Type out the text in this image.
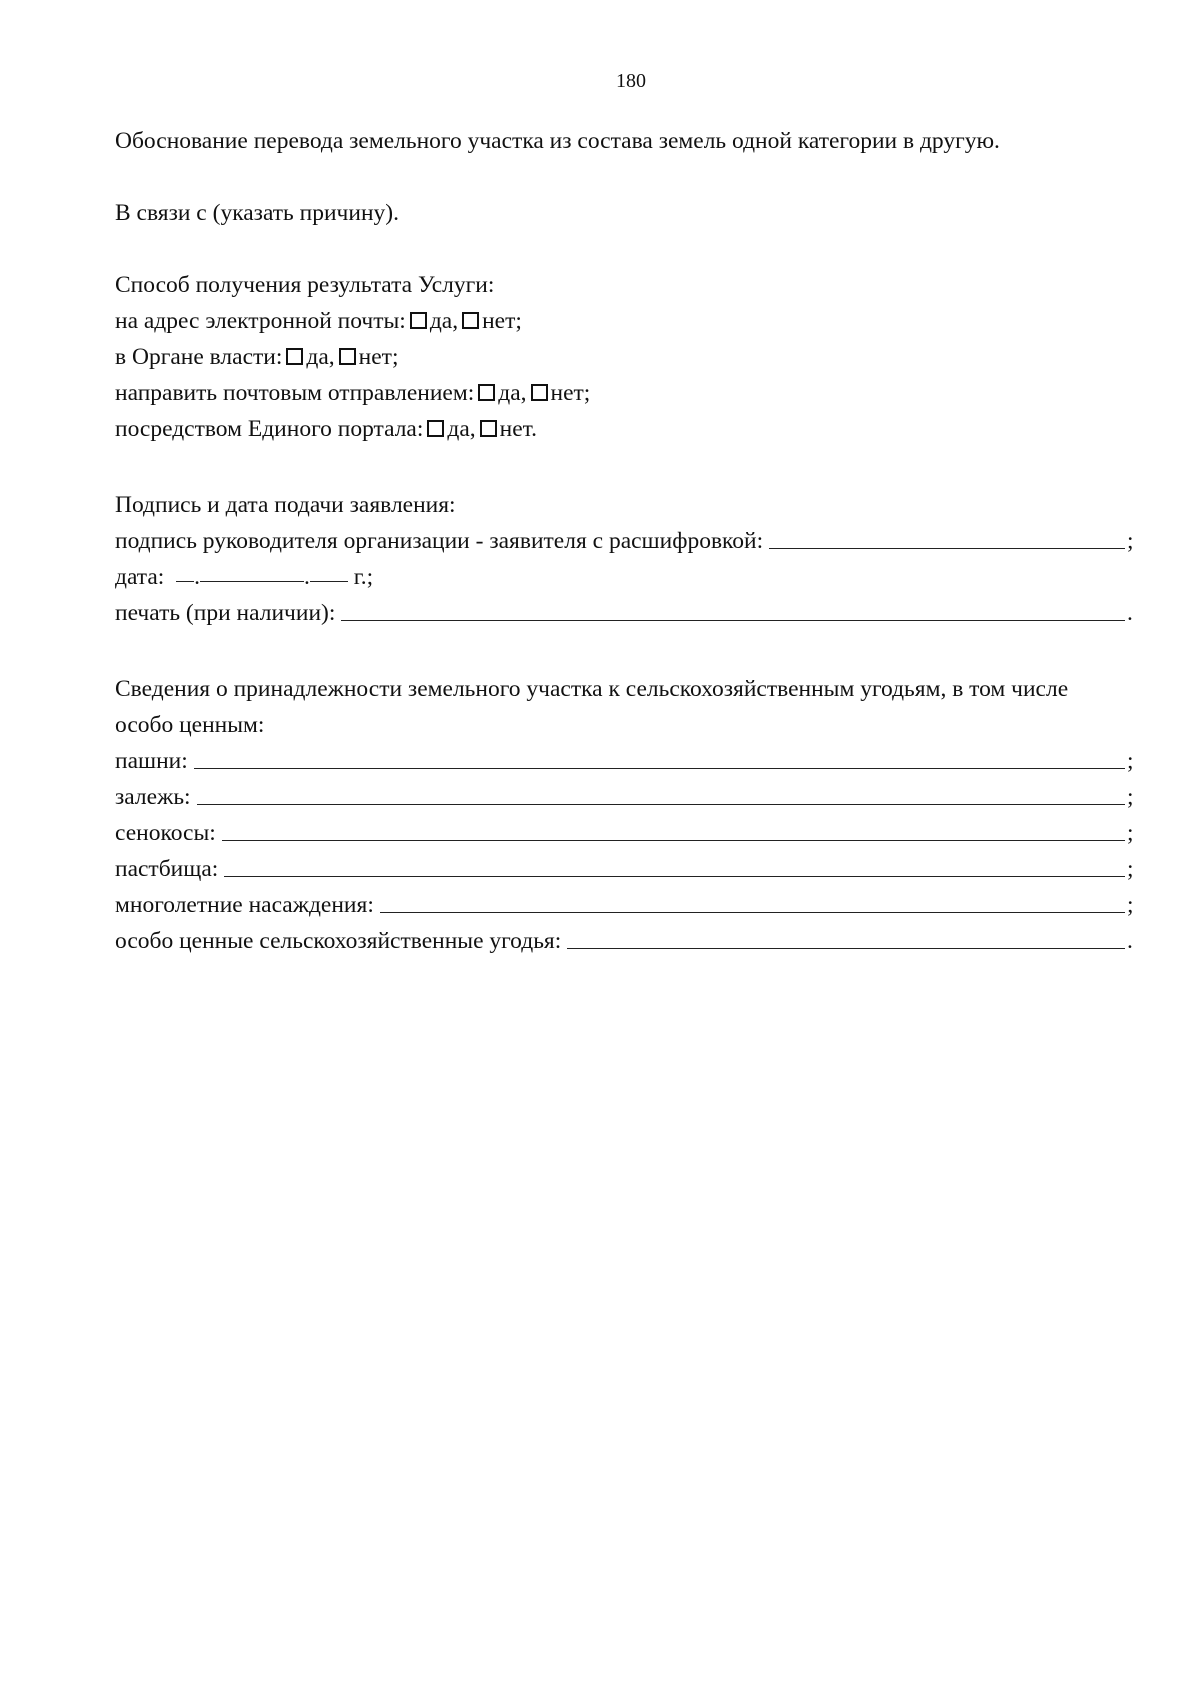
180
Обоснование перевода земельного участка из состава земель одной категории в другую.
В связи с (указать причину).
Способ получения результата Услуги:
на адрес электронной почты: да, нет;
в Органе власти: да, нет;
направить почтовым отправлением: да, нет;
посредством Единого портала: да, нет.
Подпись и дата подачи заявления:
подпись руководителя организации - заявителя с расшифровкой:	;
дата: .	. г.;
печать (при наличии):	.
Сведения о принадлежности земельного участка к сельскохозяйственным угодьям, в том числе
особо ценным:
пашни:	;
залежь:	;
сенокосы:	;
пастбища:	;
многолетние насаждения:	;
особо ценные сельскохозяйственные угодья:	.
